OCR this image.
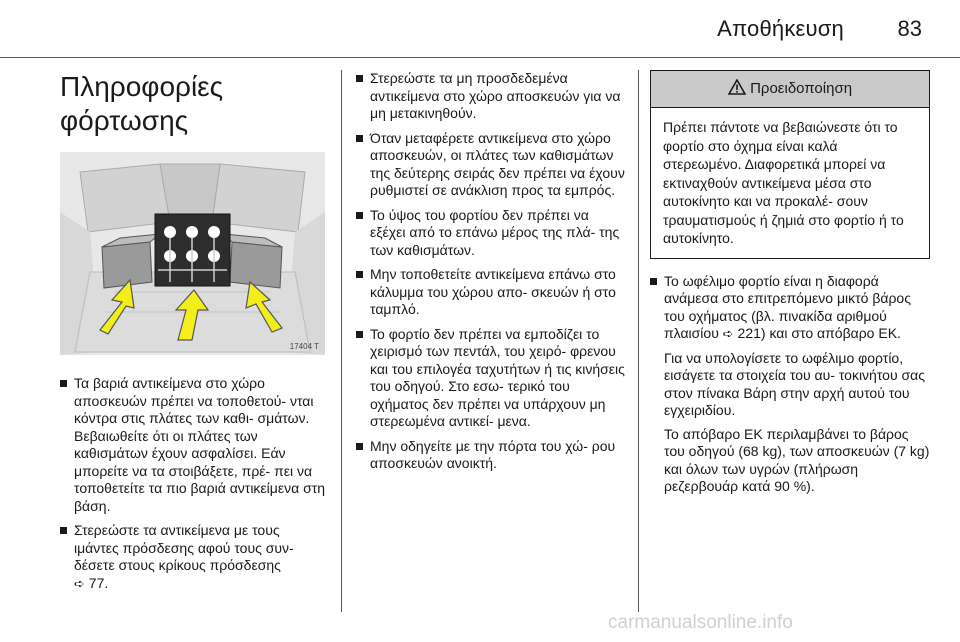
Αποθήκευση 83
Πληροφορίες
φόρτωσης
17404 T
Τα βαριά αντικείμενα στο χώρο αποσκευών πρέπει να τοποθετού- νται κόντρα στις πλάτες των καθι- σμάτων. Βεβαιωθείτε ότι οι πλάτες των καθισμάτων έχουν ασφαλίσει. Εάν μπορείτε να τα στοιβάξετε, πρέ- πει να τοποθετείτε τα πιο βαριά αντικείμενα στη βάση.
Στερεώστε τα αντικείμενα με τους ιμάντες πρόσδεσης αφού τους συν- δέσετε στους κρίκους πρόσδεσης
➪ 77.
Στερεώστε τα μη προσδεδεμένα αντικείμενα στο χώρο αποσκευών για να μη μετακινηθούν.
Όταν μεταφέρετε αντικείμενα στο χώρο αποσκευών, οι πλάτες των καθισμάτων της δεύτερης σειράς δεν πρέπει να έχουν ρυθμιστεί σε ανάκλιση προς τα εμπρός.
Το ύψος του φορτίου δεν πρέπει να εξέχει από το επάνω μέρος της πλά- της των καθισμάτων.
Μην τοποθετείτε αντικείμενα επάνω στο κάλυμμα του χώρου απο- σκευών ή στο ταμπλό.
Το φορτίο δεν πρέπει να εμποδίζει το χειρισμό των πεντάλ, του χειρό- φρενου και του επιλογέα ταχυτήτων ή τις κινήσεις του οδηγού. Στο εσω- τερικό του οχήματος δεν πρέπει να υπάρχουν μη στερεωμένα αντικεί- μενα.
Μην οδηγείτε με την πόρτα του χώ- ρου αποσκευών ανοικτή.
Προειδοποίηση
Πρέπει πάντοτε να βεβαιώνεστε ότι το φορτίο στο όχημα είναι καλά στερεωμένο. Διαφορετικά μπορεί να εκτιναχθούν αντικείμενα μέσα στο αυτοκίνητο και να προκαλέ- σουν τραυματισμούς ή ζημιά στο φορτίο ή το αυτοκίνητο.
Το ωφέλιμο φορτίο είναι η διαφορά ανάμεσα στο επιτρεπόμενο μικτό βάρος του οχήματος (βλ. πινακίδα αριθμού πλαισίου ➪ 221) και στο απόβαρο ΕΚ.

Για να υπολογίσετε το ωφέλιμο φορτίο, εισάγετε τα στοιχεία του αυ- τοκινήτου σας στον πίνακα Βάρη στην αρχή αυτού του εγχειριδίου.

Το απόβαρο ΕΚ περιλαμβάνει το βάρος του οδηγού (68 kg), των αποσκευών (7 kg) και όλων των υγρών (πλήρωση ρεζερβουάρ κατά 90 %).

carmanualsonline.info
